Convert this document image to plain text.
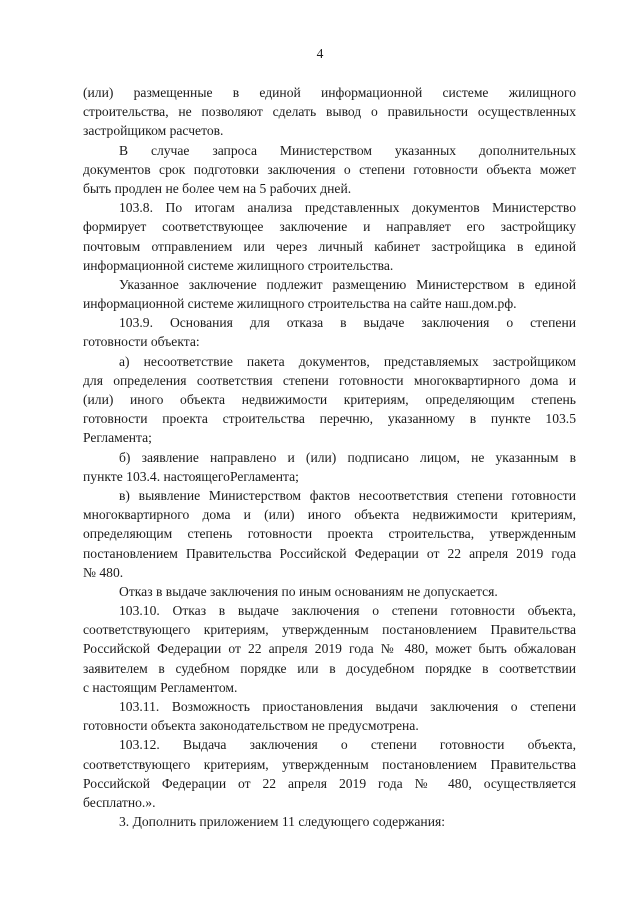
4
(или) размещенные в единой информационной системе жилищного
строительства, не позволяют сделать вывод о правильности осуществленных
застройщиком расчетов.
В случае запроса Министерством указанных дополнительных
документов срок подготовки заключения о степени готовности объекта может
быть продлен не более чем на 5 рабочих дней.
103.8. По итогам анализа представленных документов Министерство
формирует соответствующее заключение и направляет его застройщику
почтовым отправлением или через личный кабинет застройщика в единой
информационной системе жилищного строительства.
Указанное заключение подлежит размещению Министерством в единой
информационной системе жилищного строительства на сайте наш.дом.рф.
103.9. Основания для отказа в выдаче заключения о степени
готовности объекта:
а) несоответствие пакета документов, представляемых застройщиком
для определения соответствия степени готовности многоквартирного дома и
(или) иного объекта недвижимости критериям, определяющим степень
готовности проекта строительства перечню, указанному в пункте 103.5
Регламента;
б) заявление направлено и (или) подписано лицом, не указанным в
пункте 103.4. настоящегоРегламента;
в) выявление Министерством фактов несоответствия степени готовности
многоквартирного дома и (или) иного объекта недвижимости критериям,
определяющим степень готовности проекта строительства, утвержденным
постановлением Правительства Российской Федерации от 22 апреля 2019 года
№ 480.
Отказ в выдаче заключения по иным основаниям не допускается.
103.10. Отказ в выдаче заключения о степени готовности объекта,
соответствующего критериям, утвержденным постановлением Правительства
Российской Федерации от 22 апреля 2019 года № 480, может быть обжалован
заявителем в судебном порядке или в досудебном порядке в соответствии
с настоящим Регламентом.
103.11. Возможность приостановления выдачи заключения о степени
готовности объекта законодательством не предусмотрена.
103.12. Выдача заключения о степени готовности объекта,
соответствующего критериям, утвержденным постановлением Правительства
Российской Федерации от 22 апреля 2019 года № 480, осуществляется
бесплатно.».
3. Дополнить приложением 11 следующего содержания:
